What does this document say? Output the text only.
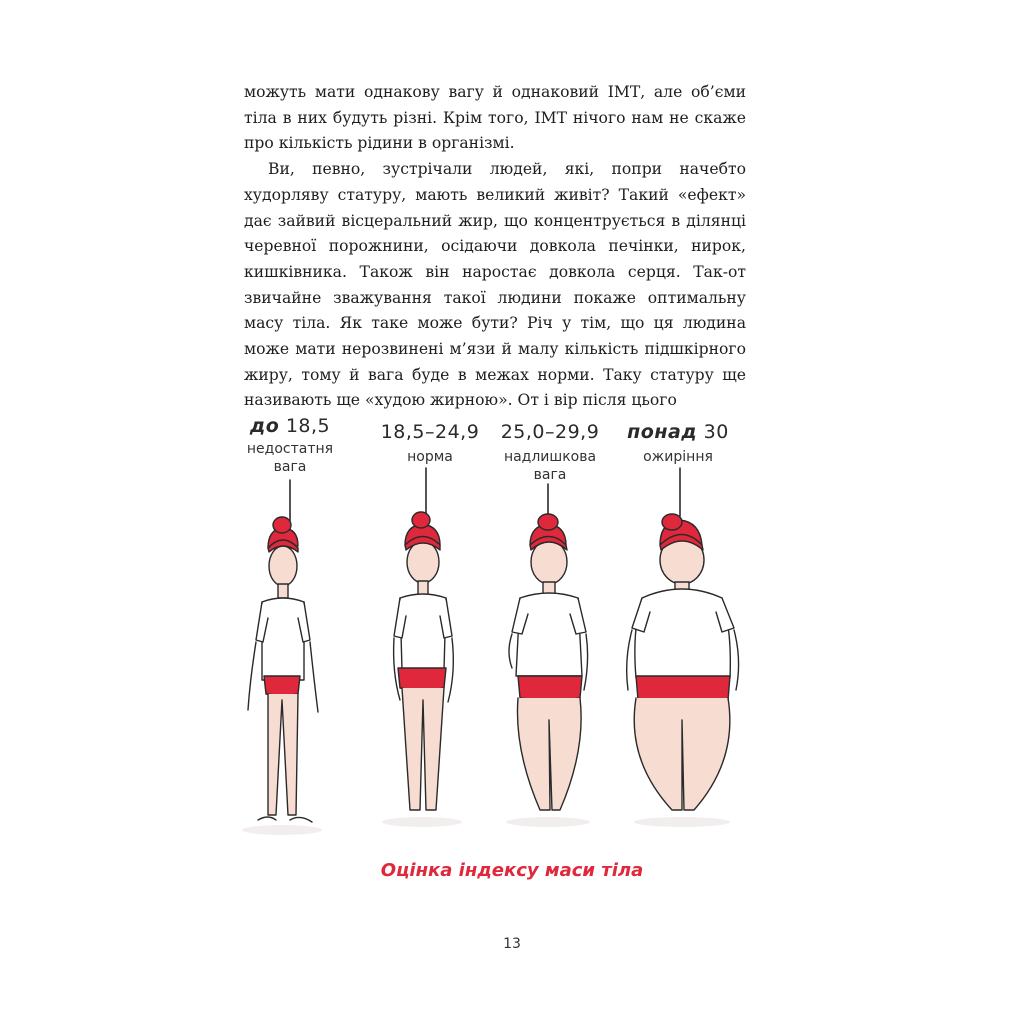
можуть мати однакову вагу й однаковий ІМТ, але об’єми тіла в них будуть різні. Крім того, ІМТ нічого нам не скаже про кількість рідини в організмі.

Ви, певно, зустрічали людей, які, попри начебто худорляву статуру, мають великий живіт? Такий «ефект» дає зайвий вісцеральний жир, що концентрується в ділянці черевної порожнини, осідаючи довкола печінки, нирок, кишківника. Також він наростає довкола серця. Так-от звичайне зважування такої людини покаже оптимальну масу тіла. Як таке може бути? Річ у тім, що ця людина може мати нерозвинені м’язи й малу кількість підшкірного жиру, тому й вага буде в межах норми. Таку статуру ще називають ще «худою жирною». От і вір після цього

до 18,5
недостатня вага
18,5–24,9
норма
25,0–29,9
надлишкова вага
понад 30
ожиріння
Оцінка індексу маси тіла
13
